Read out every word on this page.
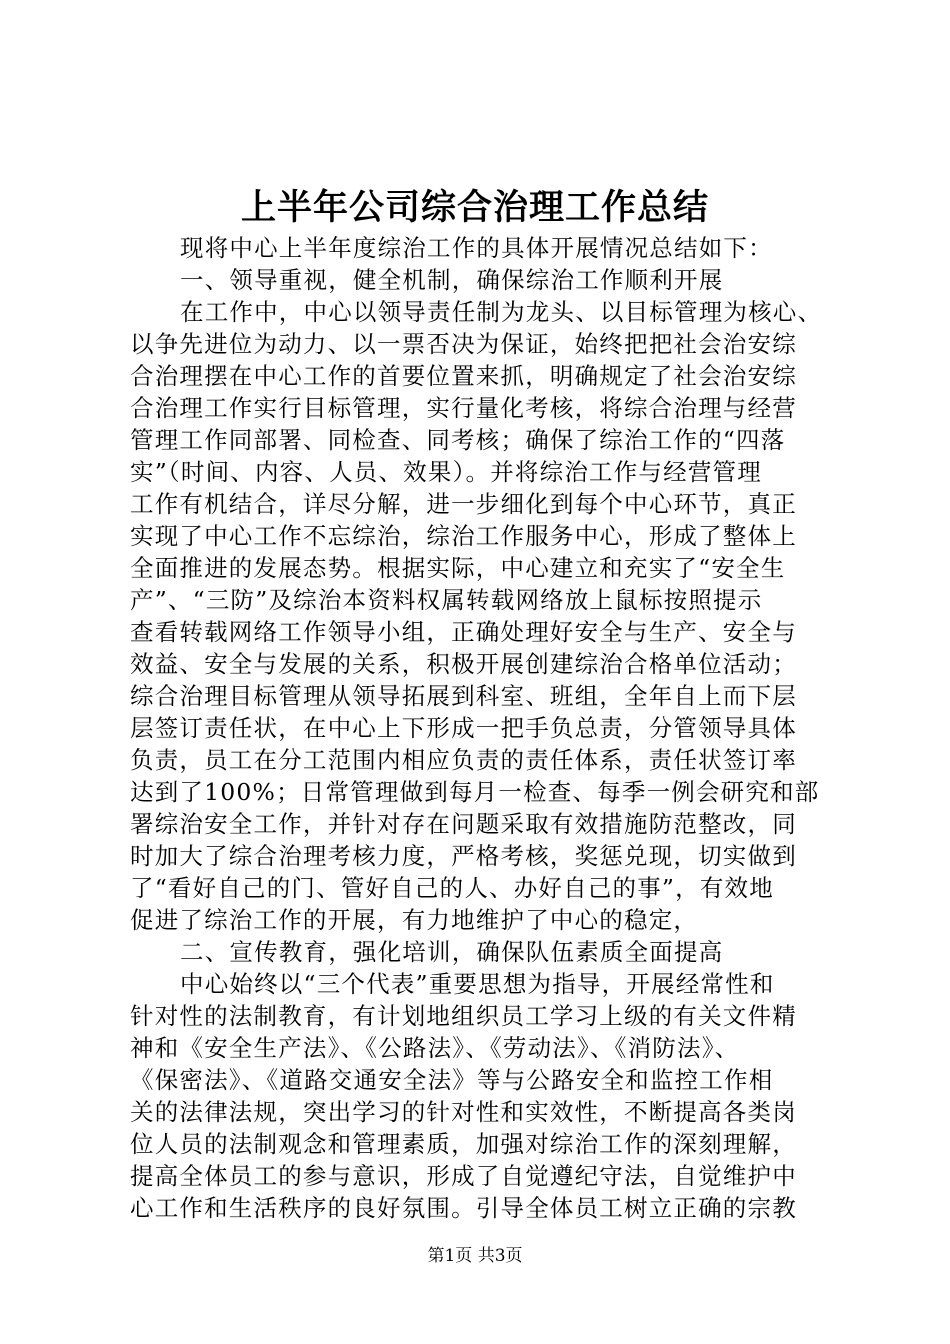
上半年公司综合治理工作总结
现将中心上半年度综治工作的具体开展情况总结如下：
一、领导重视，健全机制，确保综治工作顺利开展
在工作中，中心以领导责任制为龙头、以目标管理为核心、
以争先进位为动力、以一票否决为保证，始终把把社会治安综
合治理摆在中心工作的首要位置来抓，明确规定了社会治安综
合治理工作实行目标管理，实行量化考核，将综合治理与经营
管理工作同部署、同检查、同考核；确保了综治工作的“四落
实”（时间、内容、人员、效果）。并将综治工作与经营管理
工作有机结合，详尽分解，进一步细化到每个中心环节，真正
实现了中心工作不忘综治，综治工作服务中心，形成了整体上
全面推进的发展态势。根据实际，中心建立和充实了“安全生
产”、“三防”及综治本资料权属转载网络放上鼠标按照提示
查看转载网络工作领导小组，正确处理好安全与生产、安全与
效益、安全与发展的关系，积极开展创建综治合格单位活动；
综合治理目标管理从领导拓展到科室、班组，全年自上而下层
层签订责任状，在中心上下形成一把手负总责，分管领导具体
负责，员工在分工范围内相应负责的责任体系，责任状签订率
达到了100%；日常管理做到每月一检查、每季一例会研究和部
署综治安全工作，并针对存在问题采取有效措施防范整改，同
时加大了综合治理考核力度，严格考核，奖惩兑现，切实做到
了“看好自己的门、管好自己的人、办好自己的事”，有效地
促进了综治工作的开展，有力地维护了中心的稳定，
二、宣传教育，强化培训，确保队伍素质全面提高
中心始终以“三个代表”重要思想为指导，开展经常性和
针对性的法制教育，有计划地组织员工学习上级的有关文件精
神和《安全生产法》、《公路法》、《劳动法》、《消防法》、
《保密法》、《道路交通安全法》等与公路安全和监控工作相
关的法律法规，突出学习的针对性和实效性，不断提高各类岗
位人员的法制观念和管理素质，加强对综治工作的深刻理解，
提高全体员工的参与意识，形成了自觉遵纪守法，自觉维护中
心工作和生活秩序的良好氛围。引导全体员工树立正确的宗教
第1页 共3页
